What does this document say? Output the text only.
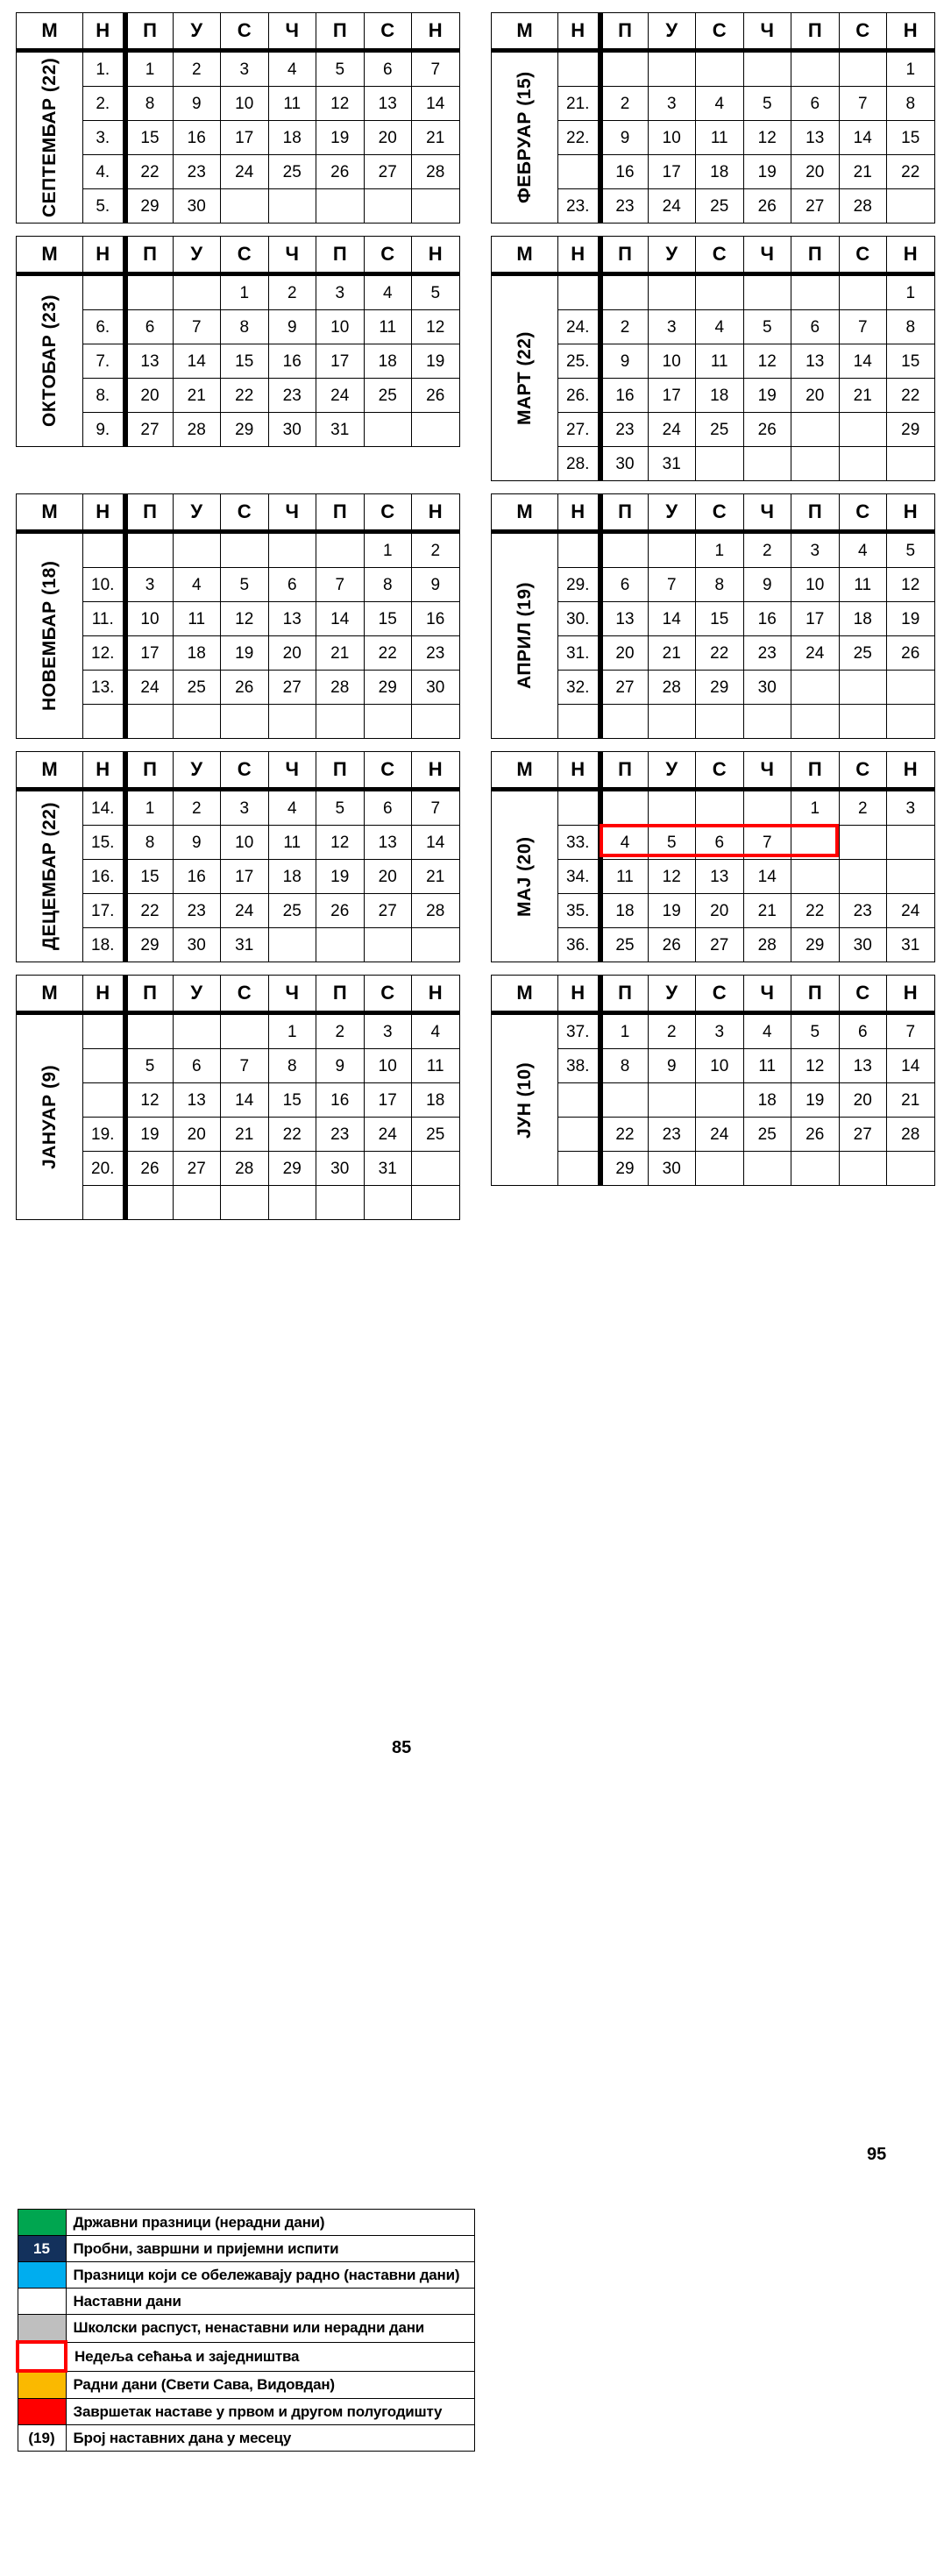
М	Н	П	У	С	Ч	П	С	Н

СЕПТЕМБАР (22)	1.	1	2	3	4	5	6	7
	2.	8	9	10	11	12	13	14
	3.	15	16	17	18	19	20	21
	4.	22	23	24	25	26	27	28
	5.	29	30					
М	Н	П	У	С	Ч	П	С	Н

ФЕБРУАР (15)								1
	21.	2	3	4	5	6	7	8
	22.	9	10	11	12	13	14	15
		16	17	18	19	20	21	22
	23.	23	24	25	26	27	28	
М	Н	П	У	С	Ч	П	С	Н

ОКТОБАР (23)				1	2	3	4	5
	6.	6	7	8	9	10	11	12
	7.	13	14	15	16	17	18	19
	8.	20	21	22	23	24	25	26
	9.	27	28	29	30	31		
М	Н	П	У	С	Ч	П	С	Н

МАРТ (22)								1
	24.	2	3	4	5	6	7	8
	25.	9	10	11	12	13	14	15
	26.	16	17	18	19	20	21	22
	27.	23	24	25	26	27	28	29
	28.	30	31					
М	Н	П	У	С	Ч	П	С	Н

НОВЕМБАР (18)							1	2
	10.	3	4	5	6	7	8	9
	11.	10	11	12	13	14	15	16
	12.	17	18	19	20	21	22	23
	13.	24	25	26	27	28	29	30

М	Н	П	У	С	Ч	П	С	Н

АПРИЛ (19)				1	2	3	4	5
	29.	6	7	8	9	10	11	12
	30.	13	14	15	16	17	18	19
	31.	20	21	22	23	24	25	26
	32.	27	28	29	30			

М	Н	П	У	С	Ч	П	С	Н

ДЕЦЕМБАР (22)	14.	1	2	3	4	5	6	7
	15.	8	9	10	11	12	13	14
	16.	15	16	17	18	19	20	21
	17.	22	23	24	25	26	27	28
	18.	29	30	31				
М	Н	П	У	С	Ч	П	С	Н

МАЈ (20)						1	2	3
	33.	4	5	6	7	8	9	10
	34.	11	12	13	14	15	16	17
	35.	18	19	20	21	22	23	24
	36.	25	26	27	28	29	30	31
М	Н	П	У	С	Ч	П	С	Н

ЈАНУАР (9)					1	2	3	4
		5	6	7	8	9	10	11
		12	13	14	15	16	17	18
	19.	19	20	21	22	23	24	25
	20.	26	27	28	29	30	31	

М	Н	П	У	С	Ч	П	С	Н

ЈУН (10)	37.	1	2	3	4	5	6	7
	38.	8	9	10	11	12	13	14
		15	16	17	18	19	20	21
		22	23	24	25	26	27	28
		29	30					
85
95
	Државни празници (нерадни дани)
15	Пробни, завршни и пријемни испити
	Празници који се обележавају радно (наставни дани)
	Наставни дани
	Школски распуст, ненаставни или нерадни дани
	Недеља сећања и заједништва
	Радни дани (Свети Сава, Видовдан)
	Завршетак наставе у првом и другом полугодишту
(19)	Број наставних дана у месецу
